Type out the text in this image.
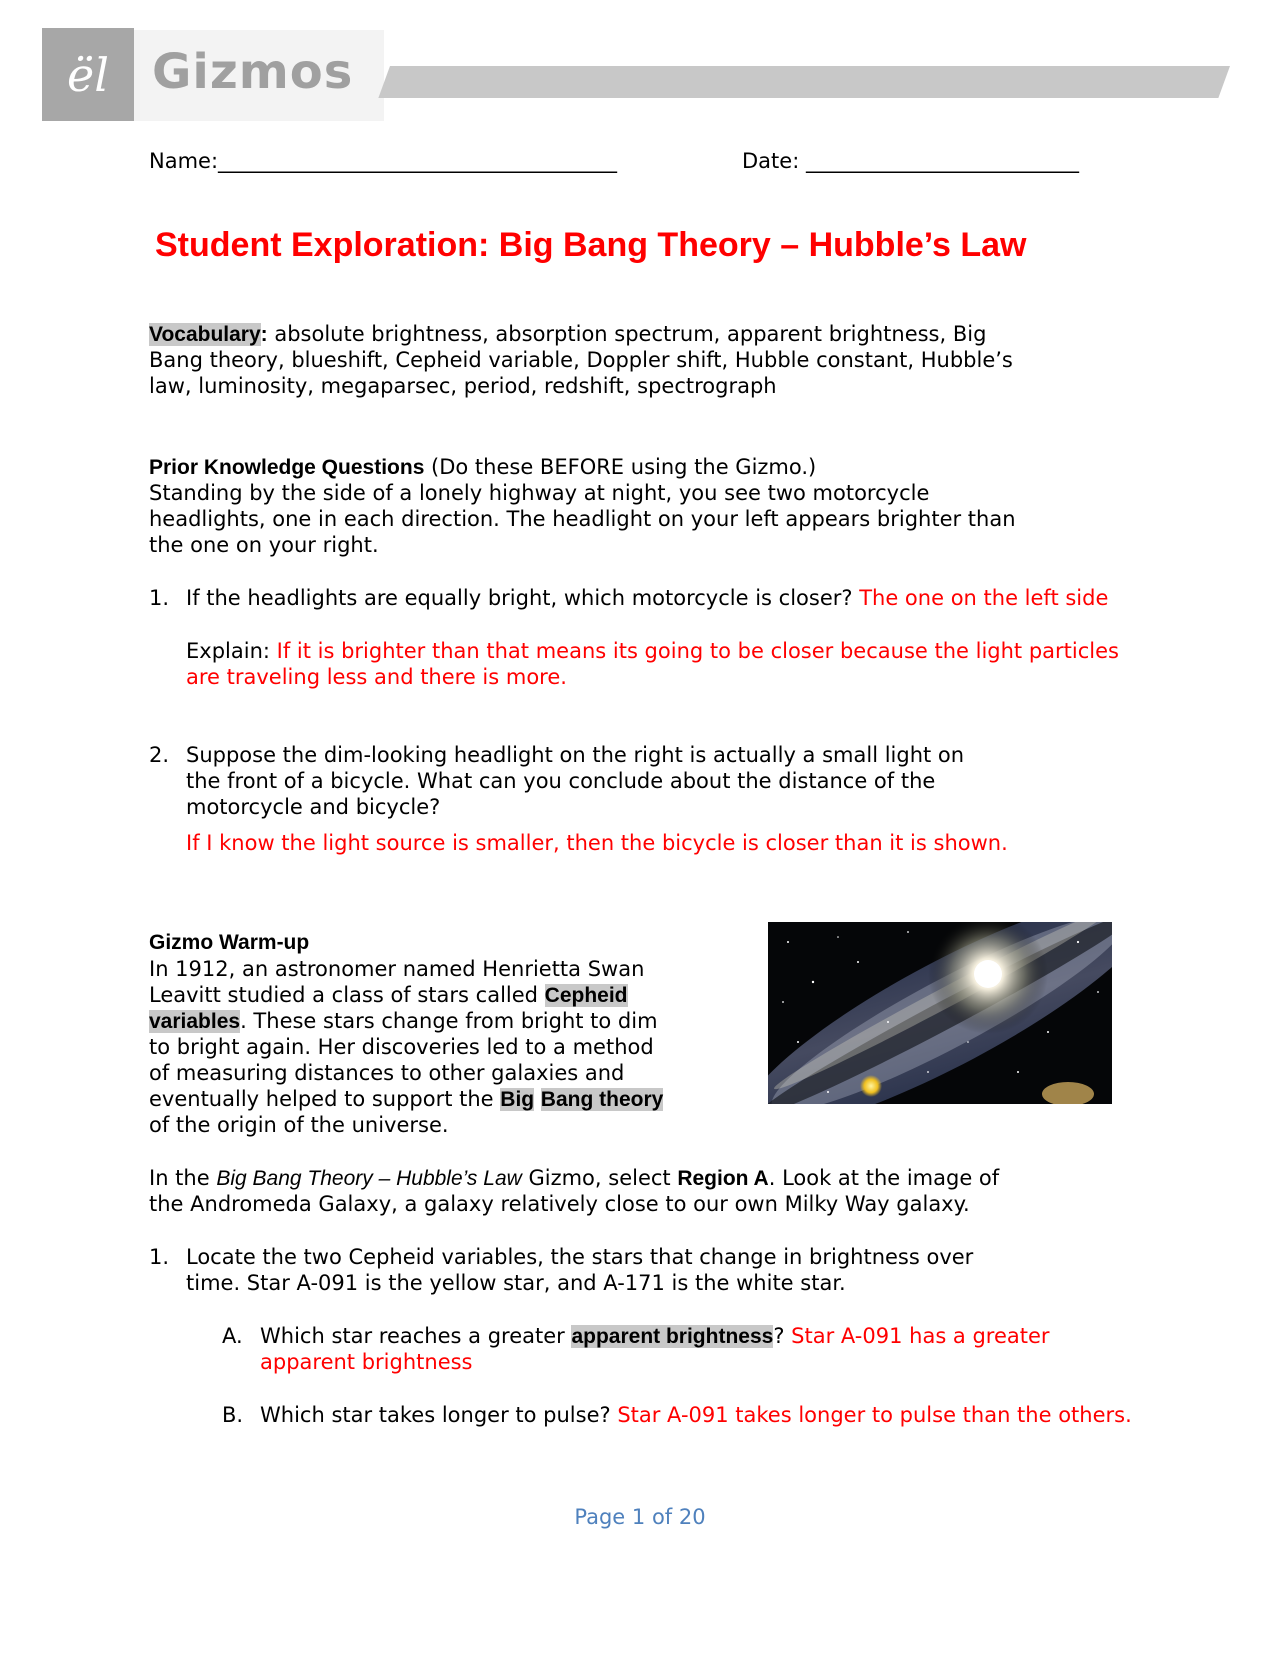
ël Gizmos
Name:______________________________________	Date: __________________________
Student Exploration: Big Bang Theory – Hubble’s Law
Vocabulary: absolute brightness, absorption spectrum, apparent brightness, Big
Bang theory, blueshift, Cepheid variable, Doppler shift, Hubble constant, Hubble’s
law, luminosity, megaparsec, period, redshift, spectrograph
Prior Knowledge Questions (Do these BEFORE using the Gizmo.)
Standing by the side of a lonely highway at night, you see two motorcycle
headlights, one in each direction. The headlight on your left appears brighter than
the one on your right.
1. If the headlights are equally bright, which motorcycle is closer? The one on the left side
Explain: If it is brighter than that means its going to be closer because the light particles
are traveling less and there is more.
2. Suppose the dim-looking headlight on the right is actually a small light on
the front of a bicycle. What can you conclude about the distance of the
motorcycle and bicycle?
If I know the light source is smaller, then the bicycle is closer than it is shown.
Gizmo Warm-up
In 1912, an astronomer named Henrietta Swan
Leavitt studied a class of stars called Cepheid
variables. These stars change from bright to dim
to bright again. Her discoveries led to a method
of measuring distances to other galaxies and
eventually helped to support the Big Bang theory
of the origin of the universe.
In the Big Bang Theory – Hubble’s Law Gizmo, select Region A. Look at the image of
the Andromeda Galaxy, a galaxy relatively close to our own Milky Way galaxy.
1. Locate the two Cepheid variables, the stars that change in brightness over
time. Star A-091 is the yellow star, and A-171 is the white star.
A. Which star reaches a greater apparent brightness? Star A-091 has a greater
apparent brightness
B. Which star takes longer to pulse? Star A-091 takes longer to pulse than the others.
Page 1 of 20
